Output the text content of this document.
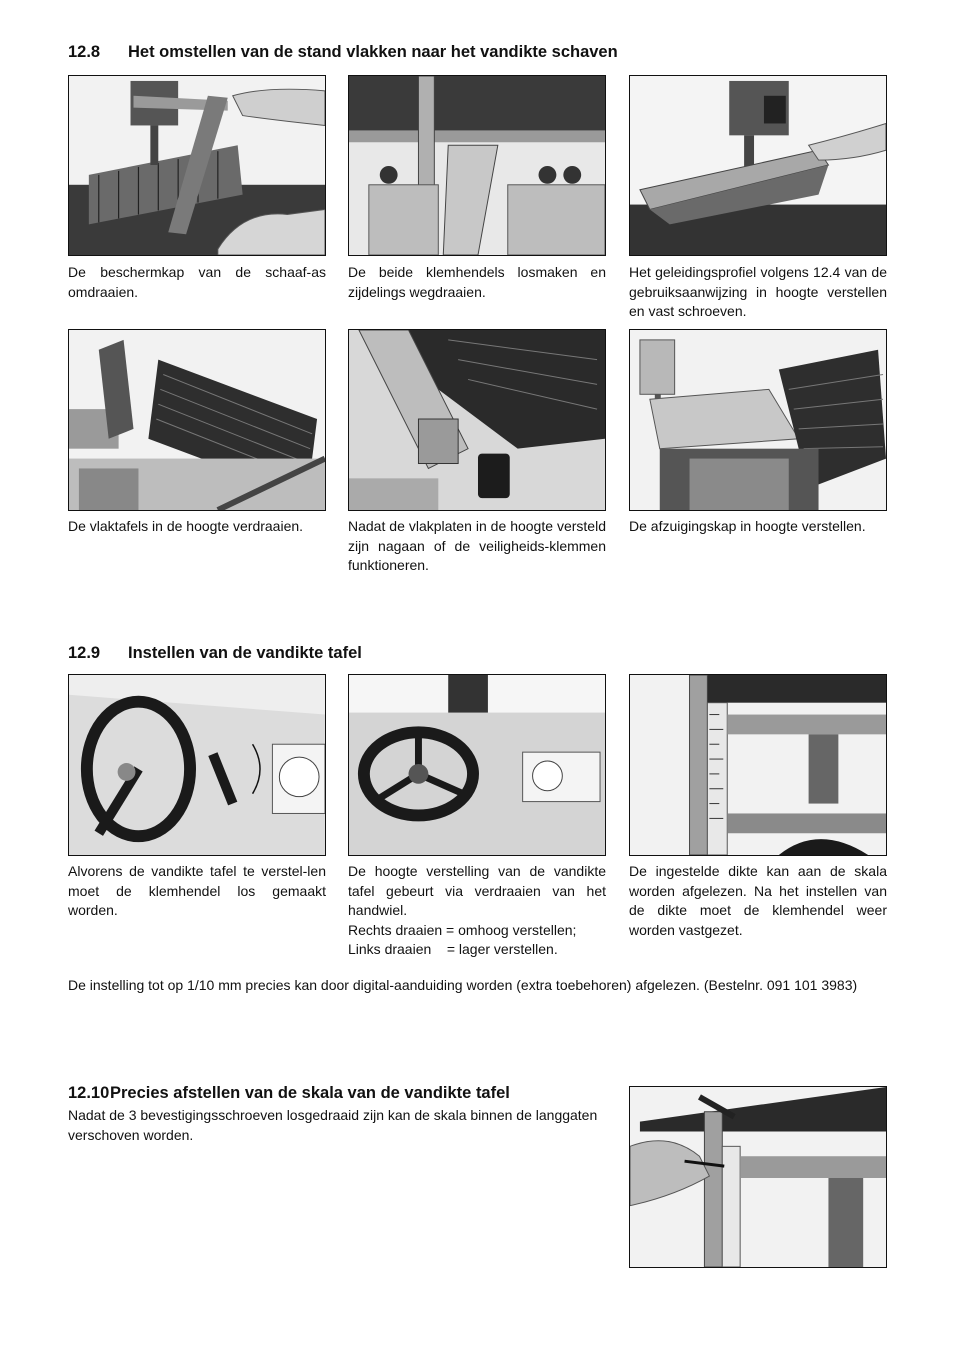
12.8 Het omstellen van de stand vlakken naar het vandikte schaven
De beschermkap van de schaaf-as omdraaien.
De beide klemhendels losmaken en zijdelings wegdraaien.
Het geleidingsprofiel volgens 12.4 van de gebruiksaanwijzing in hoogte verstellen en vast schroeven.
De vlaktafels in de hoogte verdraaien.	Nadat de vlakplaten in de hoogte versteld zijn nagaan of de veiligheids-klemmen funktioneren.
De afzuigingskap in hoogte verstellen.
12.9 Instellen van de vandikte tafel
Alvorens de vandikte tafel te verstel-len moet de klemhendel los gemaakt worden.
De hoogte verstelling van de vandikte tafel gebeurt via verdraaien van het handwiel.
Rechts draaien = omhoog verstellen;
Links draaien    = lager verstellen.
De ingestelde dikte kan aan de skala worden afgelezen. Na het instellen van de dikte moet de klemhendel weer worden vastgezet.

De instelling tot op 1/10 mm precies kan door digital-aanduiding worden (extra toebehoren) afgelezen. (Bestelnr. 091 101 3983)

12.10Precies afstellen van de skala van de vandikte tafel

Nadat de 3 bevestigingsschroeven losgedraaid zijn kan de skala binnen de langgaten verschoven worden.
